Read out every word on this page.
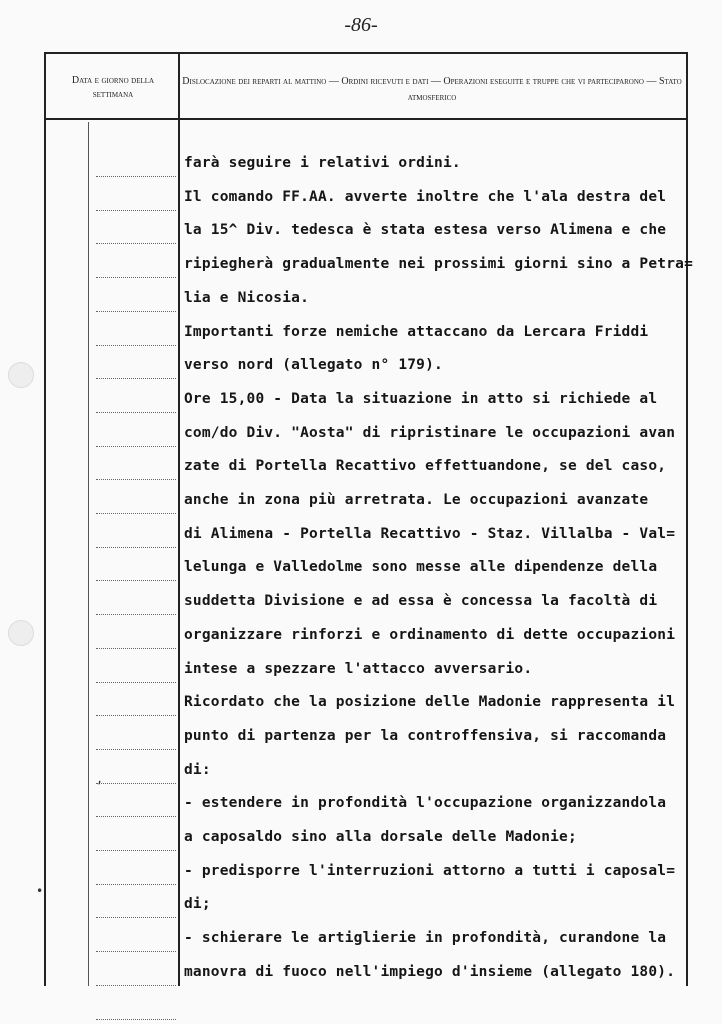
-86-
Data e giorno della settimana
Dislocazione dei reparti al mattino — Ordini ricevuti e dati — Operazioni eseguite e truppe che vi parteciparono — Stato atmosferico
,
•
farà seguire i relativi ordini.
Il comando FF.AA. avverte inoltre che l'ala destra del
la 15^ Div. tedesca è stata estesa verso Alimena e che
ripiegherà gradualmente nei prossimi giorni sino a Petra=
lia e Nicosia.
Importanti forze nemiche attaccano da Lercara Friddi
verso nord (allegato n° 179).
Ore 15,00 - Data la situazione in atto si richiede al
com/do Div. "Aosta" di ripristinare le occupazioni avan
zate di Portella Recattivo effettuandone, se del caso,
anche in zona più arretrata. Le occupazioni avanzate
di Alimena - Portella Recattivo - Staz. Villalba - Val=
lelunga e Valledolme sono messe alle dipendenze della
suddetta Divisione e ad essa è concessa la facoltà di
organizzare rinforzi e ordinamento di dette occupazioni
intese a spezzare l'attacco avversario.
Ricordato che la posizione delle Madonie rappresenta il
punto di partenza per la controffensiva, si raccomanda
di:
- estendere in profondità l'occupazione organizzandola
a caposaldo sino alla dorsale delle Madonie;
- predisporre l'interruzioni attorno a tutti i caposal=
di;
- schierare le artiglierie in profondità, curandone la
manovra di fuoco nell'impiego d'insieme (allegato 180).
